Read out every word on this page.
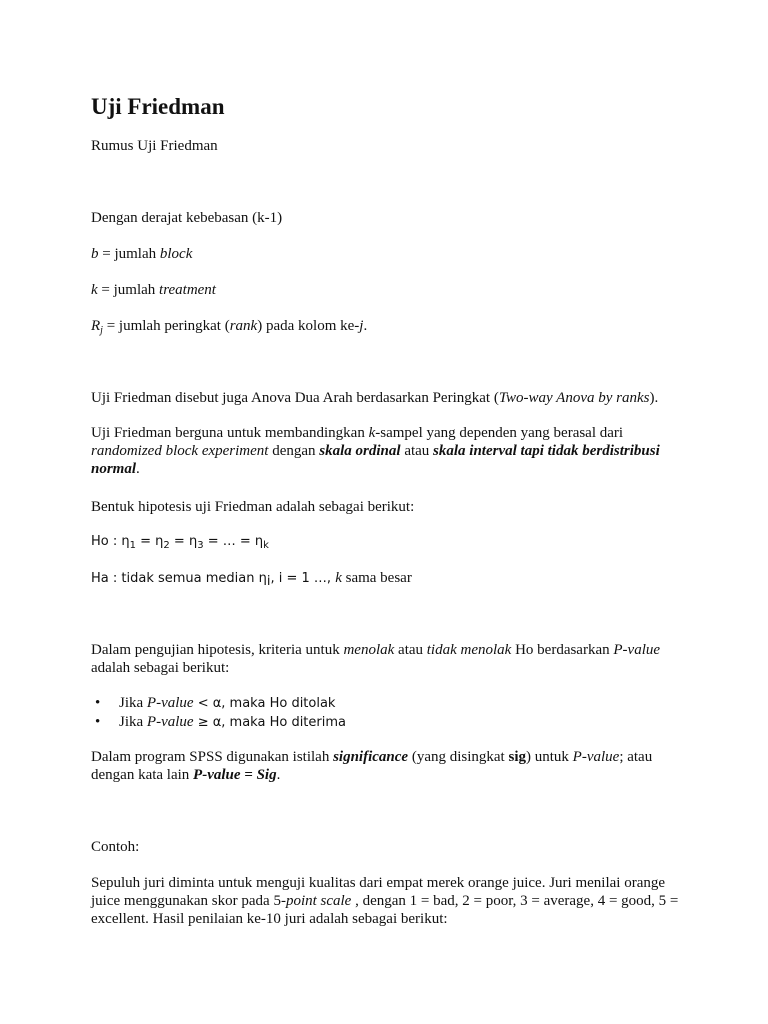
Uji Friedman

Rumus Uji Friedman

Dengan derajat kebebasan (k-1)

b = jumlah block

k = jumlah treatment

$R_j$ = jumlah peringkat (rank) pada kolom ke-j.

Uji Friedman disebut juga Anova Dua Arah berdasarkan Peringkat (Two-way Anova by ranks).

Uji Friedman berguna untuk membandingkan k-sampel yang dependen yang berasal dari randomized block experiment dengan skala ordinal atau skala interval tapi tidak berdistribusi normal.

Bentuk hipotesis uji Friedman adalah sebagai berikut:

Ho : $\eta_1 = \eta_2 = \eta_3$ = … = $\eta_k$

Ha : tidak semua median $\eta_i$, i = 1 …, k sama besar

Dalam pengujian hipotesis, kriteria untuk menolak atau tidak menolak Ho berdasarkan P-value adalah sebagai berikut:

• Jika P-value < α, maka Ho ditolak
• Jika P-value ≥ α, maka Ho diterima

Dalam program SPSS digunakan istilah significance (yang disingkat sig) untuk P-value; atau dengan kata lain P-value = Sig.

Contoh:

Sepuluh juri diminta untuk menguji kualitas dari empat merek orange juice. Juri menilai orange juice menggunakan skor pada 5-point scale , dengan 1 = bad, 2 = poor, 3 = average, 4 = good, 5 = excellent. Hasil penilaian ke-10 juri adalah sebagai berikut:
